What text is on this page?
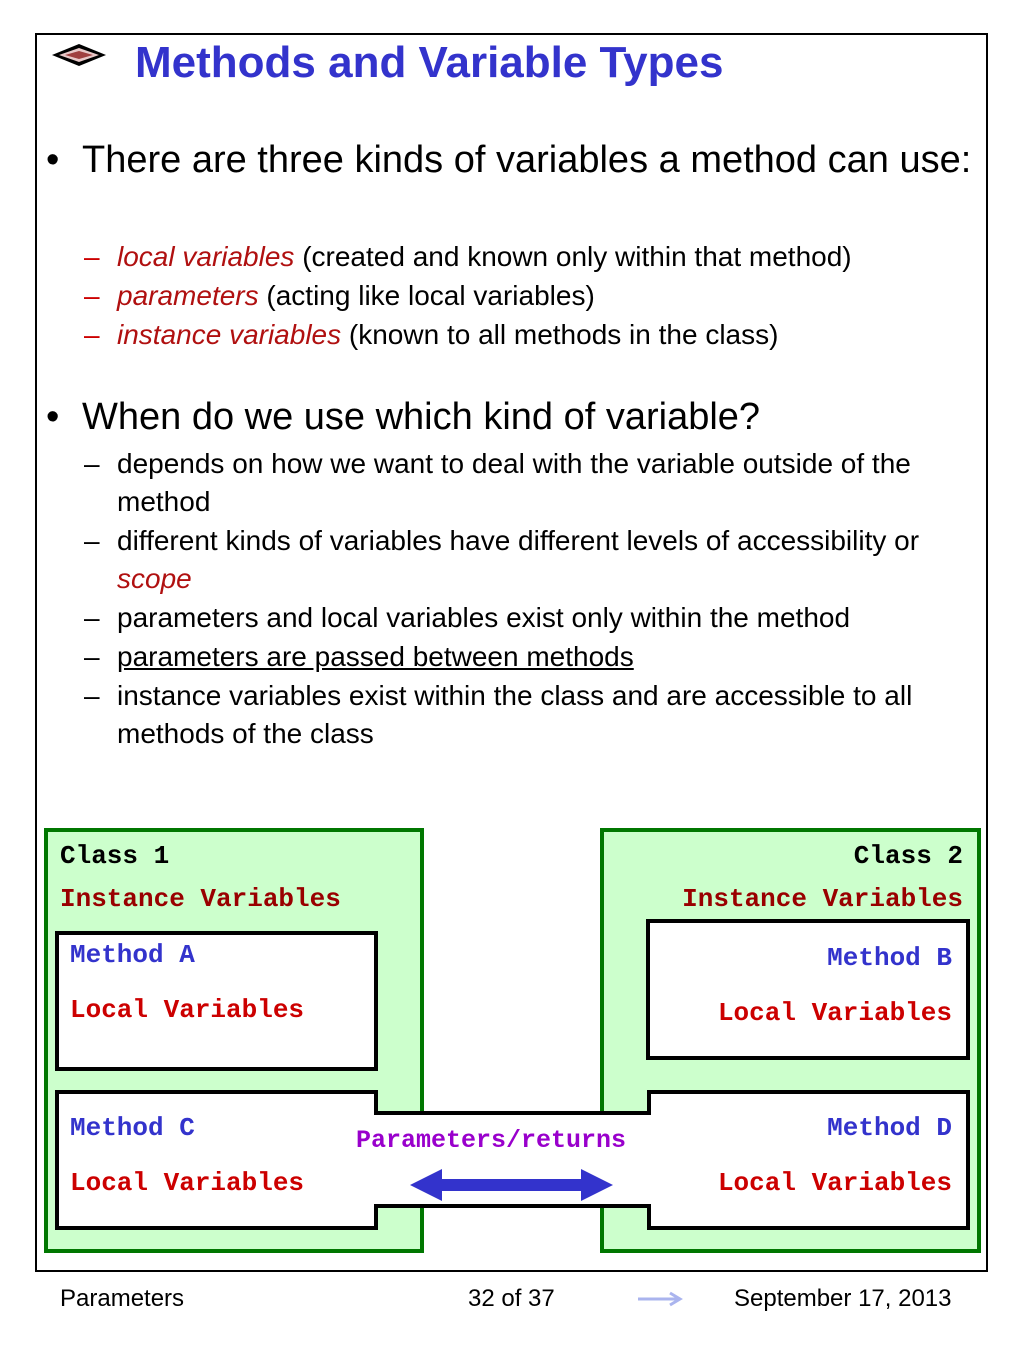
Methods and Variable Types
• There are three kinds of variables a method can use:
– local variables (created and known only within that method)
– parameters (acting like local variables)
– instance variables (known to all methods in the class)
• When do we use which kind of variable?
– depends on how we want to deal with the variable outside of the method
– different kinds of variables have different levels of accessibility or scope
– parameters and local variables exist only within the method
– parameters are passed between methods
– instance variables exist within the class and are accessible to all methods of the class
Class 1
Instance Variables
Class 2
Instance Variables
Method A
Local Variables
Method B
Local Variables
Method C
Local Variables
Method D
Local Variables
Parameters/returns
Parameters	32 of 37	September 17, 2013
